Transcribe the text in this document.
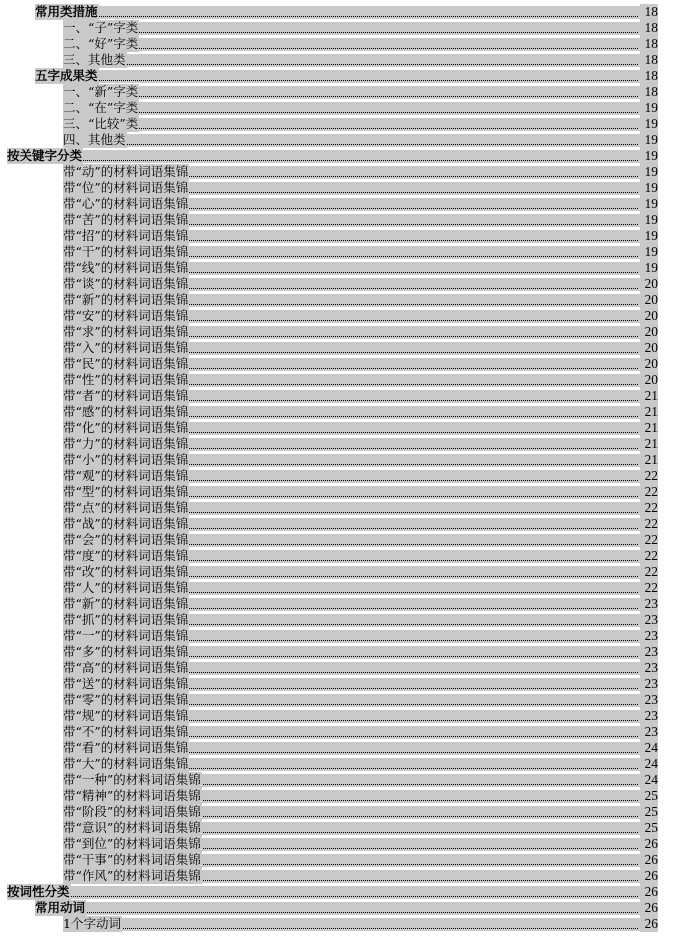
常用类措施	18
一、“子”字类	18
二、“好”字类	18
三、其他类	18
五字成果类	18
一、“新”字类	18
二、“在”字类	19
三、“比较”类	19
四、其他类	19
按关键字分类	19
带“动”的材料词语集锦	19
带“位”的材料词语集锦	19
带“心”的材料词语集锦	19
带“苦”的材料词语集锦	19
带“招”的材料词语集锦	19
带“干”的材料词语集锦	19
带“线”的材料词语集锦	19
带“谈”的材料词语集锦	20
带“新”的材料词语集锦	20
带“安”的材料词语集锦	20
带“求”的材料词语集锦	20
带“入”的材料词语集锦	20
带“民”的材料词语集锦	20
带“性”的材料词语集锦	20
带“者”的材料词语集锦	21
带“感”的材料词语集锦	21
带“化”的材料词语集锦	21
带“力”的材料词语集锦	21
带“小”的材料词语集锦	21
带“观”的材料词语集锦	22
带“型”的材料词语集锦	22
带“点”的材料词语集锦	22
带“战”的材料词语集锦	22
带“会”的材料词语集锦	22
带“度”的材料词语集锦	22
带“改”的材料词语集锦	22
带“人”的材料词语集锦	22
带“新”的材料词语集锦	23
带“抓”的材料词语集锦	23
带“一”的材料词语集锦	23
带“多”的材料词语集锦	23
带“高”的材料词语集锦	23
带“送”的材料词语集锦	23
带“零”的材料词语集锦	23
带“规”的材料词语集锦	23
带“不”的材料词语集锦	23
带“看”的材料词语集锦	24
带“大”的材料词语集锦	24
带“一种”的材料词语集锦	24
带“精神”的材料词语集锦	25
带“阶段”的材料词语集锦	25
带“意识”的材料词语集锦	25
带“到位”的材料词语集锦	26
带“干事”的材料词语集锦	26
带“作风”的材料词语集锦	26
按词性分类	26
常用动词	26
1个字动词	26
